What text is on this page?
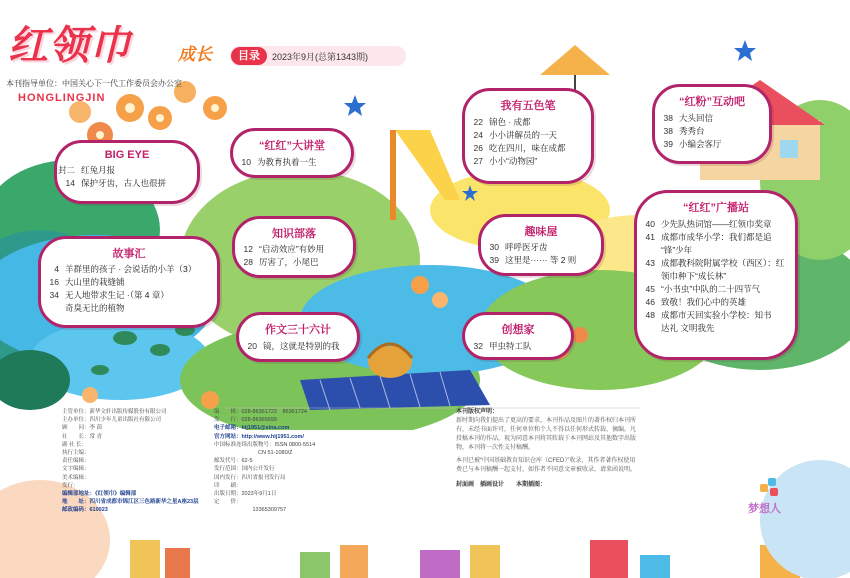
红领巾	成长
本刊指导单位：中国关心下一代工作委员会办公室
HONGLINGJIN
目录	2023年9月(总第1343期)
BIG EYE
封二 红兔月报
14 保护牙齿，古人也很拼
“红红”大讲堂
10 为教育执着一生
知识部落
12 “启动效应”有妙用
28 厉害了，小尾巴
故事汇
4 羊群里的孩子 · 会说话的小羊（3）
16 大山里的栽缝铺
34 无人地带求生记 ·（第 4 章）
奇臭无比的植物
作文三十六计
20 镜，这就是特别的我
我有五色笔
22 锦色 · 成都
24 小小讲解员的一天
26 吃在四川，味在成都
27 小小“动物园”
趣味屋
30 呼呼医牙齿
39 这里是······ 等 2 则
创想家
32 甲虫特工队
“红粉”互动吧
38 大头回信
38 秀秀台
39 小编会客厅
“红红”广播站
40 少先队热词馆——红领巾奖章
41 成都市成华小学：我们都是追
“锋”少年
43 成都教科院附属学校（西区）：红
领巾种下“成长林”
45 “小书虫”中队的二十四节气
46 致敬！我们心中的英雄
48 成都市天回实验小学校：知书
达礼 文明我先
主管单位：新华文轩出版传媒股份有限公司
主办单位：四川少年儿童出版社有限公司
顾　　问：李 茵
社　　长：常 青
副 社 长：
执行主编：
责任编辑：
文字编辑：
美术编辑：
发行：
编辑部地址：《红领巾》编辑部
地　　址：四川省成都市锦江区三色路新华之星A座23层
邮政编码：610023
编　　辑：028-86361722　86361724
发　　行：028-86365699
电子邮箱：hlj1951@sina.com
官方网站：http://www.hlj1951.com/
中国标准连续出版物号：ISSN 0800-5514
　　　　　　　　CN 51-1080/Z
邮发代号：62-5
发行范围：国内公开发行
国内发行：四川省报刊发行局
印　　刷：
出版日期：2023年9月1日
定　　价：
　　　　　　　13365309757
本刊版权声明：
新时期向我们提出了更高的要求，本刊作品及图片的著作权归本刊所有，未经书面许可，任何单位和个人不得以任何形式转载、摘编。凡投稿本刊的作品，视为同意本刊将其转载于本刊网站及其他数字出版物，本刊将一次性支付稿酬。
本刊已被“中国基础教育知识仓库（CFED）”收录，其作者著作权使用费已与本刊稿酬一起支付，如作者不同意文章被收录，请来函说明。
封面画　插画设计　　本期插图：
梦想人
